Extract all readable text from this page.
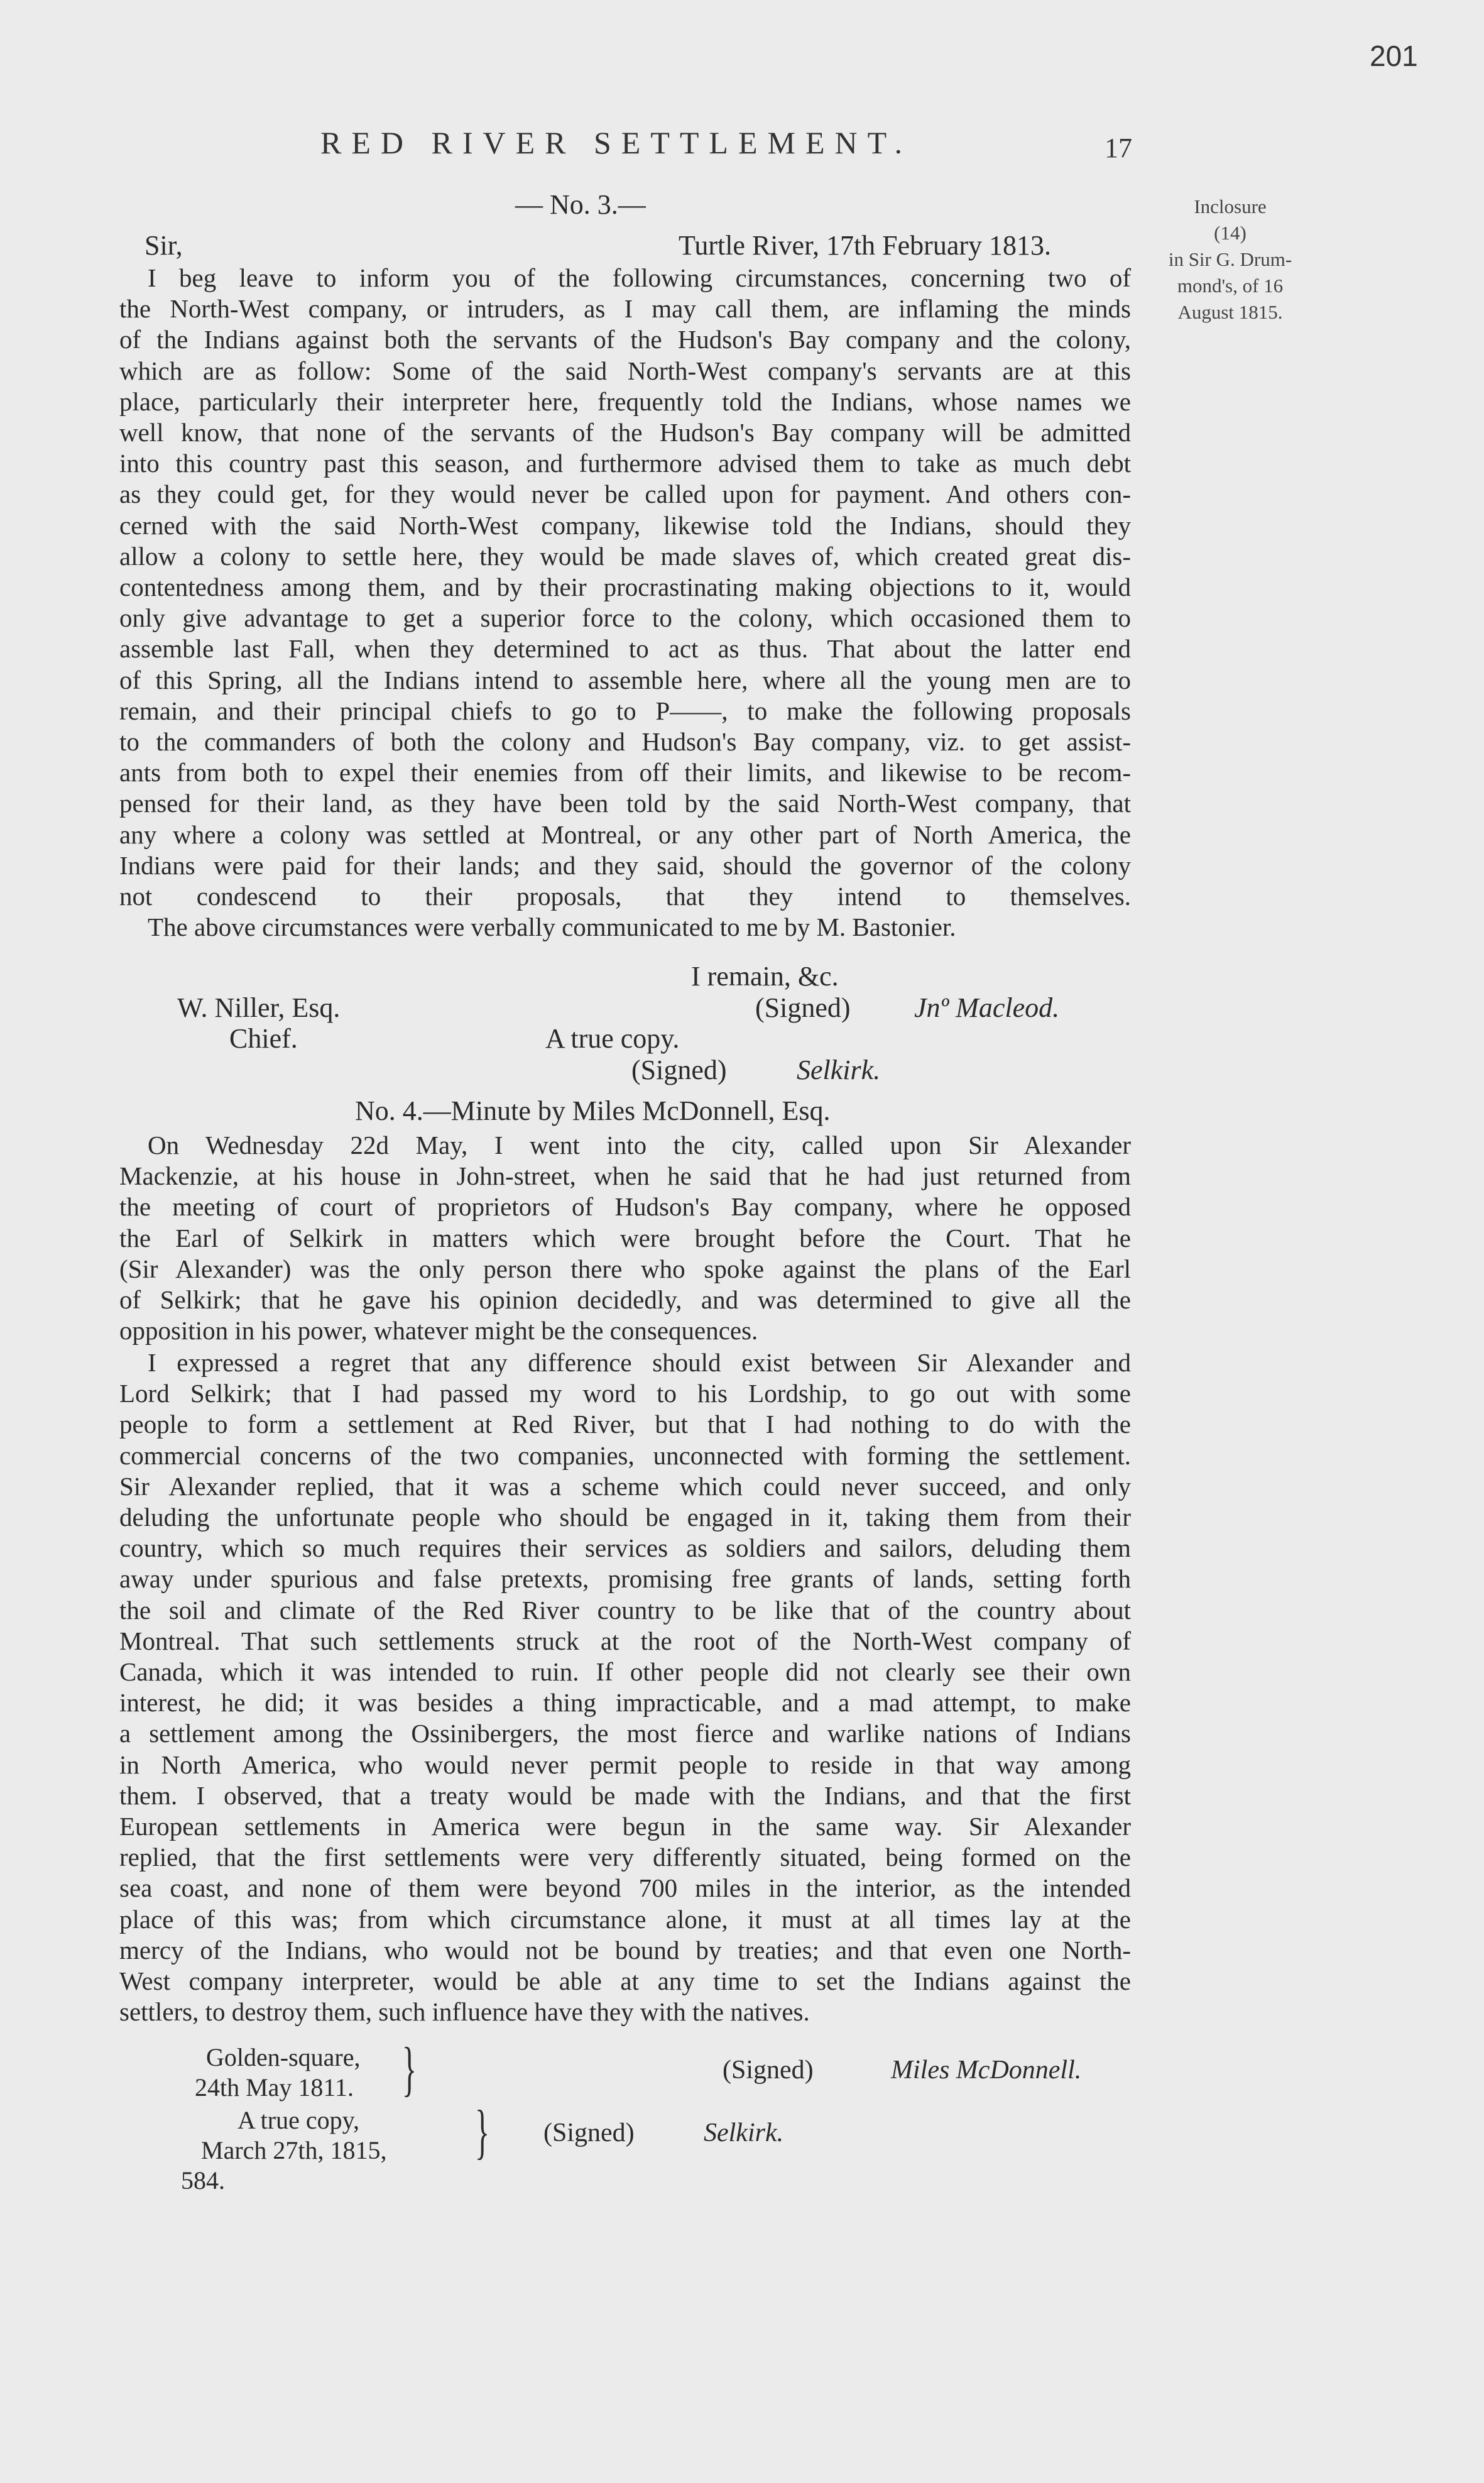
201
RED RIVER SETTLEMENT.	17
Inclosure
(14)
in Sir G. Drum-
mond's, of 16
August 1815.
— No. 3.—
Sir,	Turtle River, 17th February 1813.
I beg leave to inform you of the following circumstances, concerning two of
the North-West company, or intruders, as I may call them, are inflaming the minds
of the Indians against both the servants of the Hudson's Bay company and the colony,
which are as follow: Some of the said North-West company's servants are at this
place, particularly their interpreter here, frequently told the Indians, whose names we
well know, that none of the servants of the Hudson's Bay company will be admitted
into this country past this season, and furthermore advised them to take as much debt
as they could get, for they would never be called upon for payment. And others con-
cerned with the said North-West company, likewise told the Indians, should they
allow a colony to settle here, they would be made slaves of, which created great dis-
contentedness among them, and by their procrastinating making objections to it, would
only give advantage to get a superior force to the colony, which occasioned them to
assemble last Fall, when they determined to act as thus. That about the latter end
of this Spring, all the Indians intend to assemble here, where all the young men are to
remain, and their principal chiefs to go to P——, to make the following proposals
to the commanders of both the colony and Hudson's Bay company, viz. to get assist-
ants from both to expel their enemies from off their limits, and likewise to be recom-
pensed for their land, as they have been told by the said North-West company, that
any where a colony was settled at Montreal, or any other part of North America, the
Indians were paid for their lands; and they said, should the governor of the colony
not condescend to their proposals, that they intend to themselves.
The above circumstances were verbally communicated to me by M. Bastonier.
I remain, &c.
W. Niller, Esq.	(Signed) Jnº Macleod.
Chief.	A true copy.
(Signed)	Selkirk.
No. 4.—Minute by Miles McDonnell, Esq.
On Wednesday 22d May, I went into the city, called upon Sir Alexander
Mackenzie, at his house in John-street, when he said that he had just returned from
the meeting of court of proprietors of Hudson's Bay company, where he opposed
the Earl of Selkirk in matters which were brought before the Court. That he
(Sir Alexander) was the only person there who spoke against the plans of the Earl
of Selkirk; that he gave his opinion decidedly, and was determined to give all the
opposition in his power, whatever might be the consequences.
I expressed a regret that any difference should exist between Sir Alexander and
Lord Selkirk; that I had passed my word to his Lordship, to go out with some
people to form a settlement at Red River, but that I had nothing to do with the
commercial concerns of the two companies, unconnected with forming the settlement.
Sir Alexander replied, that it was a scheme which could never succeed, and only
deluding the unfortunate people who should be engaged in it, taking them from their
country, which so much requires their services as soldiers and sailors, deluding them
away under spurious and false pretexts, promising free grants of lands, setting forth
the soil and climate of the Red River country to be like that of the country about
Montreal. That such settlements struck at the root of the North-West company of
Canada, which it was intended to ruin. If other people did not clearly see their own
interest, he did; it was besides a thing impracticable, and a mad attempt, to make
a settlement among the Ossinibergers, the most fierce and warlike nations of Indians
in North America, who would never permit people to reside in that way among
them. I observed, that a treaty would be made with the Indians, and that the first
European settlements in America were begun in the same way. Sir Alexander
replied, that the first settlements were very differently situated, being formed on the
sea coast, and none of them were beyond 700 miles in the interior, as the intended
place of this was; from which circumstance alone, it must at all times lay at the
mercy of the Indians, who would not be bound by treaties; and that even one North-
West company interpreter, would be able at any time to set the Indians against the
settlers, to destroy them, such influence have they with the natives.
Golden-square,
24th May 1811. }	(Signed)	Miles McDonnell.
A true copy,
March 27th, 1815, } (Signed)	Selkirk.
584.
